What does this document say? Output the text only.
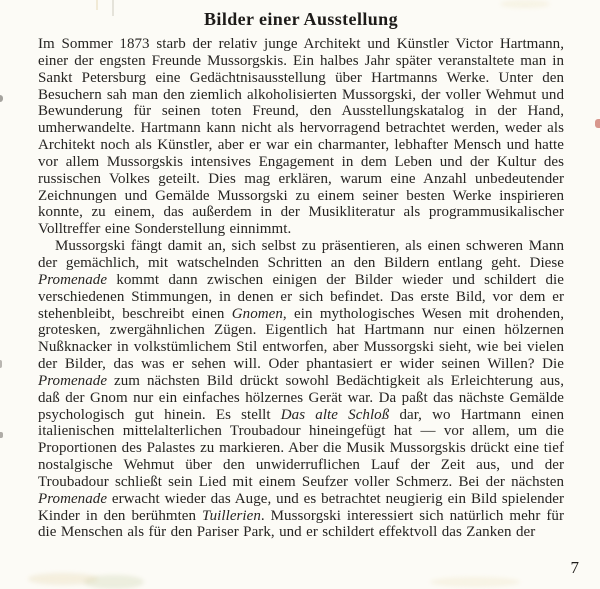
Bilder einer Ausstellung

Im Sommer 1873 starb der relativ junge Architekt und Künstler Victor Hartmann, einer der engsten Freunde Mussorgskis. Ein halbes Jahr später veranstaltete man in Sankt Petersburg eine Gedächtnisausstellung über Hartmanns Werke. Unter den Besuchern sah man den ziemlich alkoholisierten Mussorgski, der voller Wehmut und Bewunderung für seinen toten Freund, den Ausstellungskatalog in der Hand, umherwandelte. Hartmann kann nicht als hervorragend betrachtet werden, weder als Architekt noch als Künstler, aber er war ein charmanter, lebhafter Mensch und hatte vor allem Mussorgskis intensives Engagement in dem Leben und der Kultur des russischen Volkes geteilt. Dies mag erklären, warum eine Anzahl unbedeutender Zeichnungen und Gemälde Mussorgski zu einem seiner besten Werke inspirieren konnte, zu einem, das außerdem in der Musikliteratur als programmusikalischer Volltreffer eine Sonderstellung einnimmt.

Mussorgski fängt damit an, sich selbst zu präsentieren, als einen schweren Mann der gemächlich, mit watschelnden Schritten an den Bildern entlang geht. Diese Promenade kommt dann zwischen einigen der Bilder wieder und schildert die verschiedenen Stimmungen, in denen er sich befindet. Das erste Bild, vor dem er stehenbleibt, beschreibt einen Gnomen, ein mythologisches Wesen mit drohenden, grotesken, zwergähnlichen Zügen. Eigentlich hat Hartmann nur einen hölzernen Nußknacker in volkstümlichem Stil entworfen, aber Mussorgski sieht, wie bei vielen der Bilder, das was er sehen will. Oder phantasiert er wider seinen Willen? Die Promenade zum nächsten Bild drückt sowohl Bedächtigkeit als Erleichterung aus, daß der Gnom nur ein einfaches hölzernes Gerät war. Da paßt das nächste Gemälde psychologisch gut hinein. Es stellt Das alte Schloß dar, wo Hartmann einen italienischen mittelalterlichen Troubadour hineingefügt hat — vor allem, um die Proportionen des Palastes zu markieren. Aber die Musik Mussorgskis drückt eine tief nostalgische Wehmut über den unwiderruflichen Lauf der Zeit aus, und der Troubadour schließt sein Lied mit einem Seufzer voller Schmerz. Bei der nächsten Promenade erwacht wieder das Auge, und es betrachtet neugierig ein Bild spielender Kinder in den berühmten Tuillerien. Mussorgski interessiert sich natürlich mehr für die Menschen als für den Pariser Park, und er schildert effektvoll das Zanken der

7
